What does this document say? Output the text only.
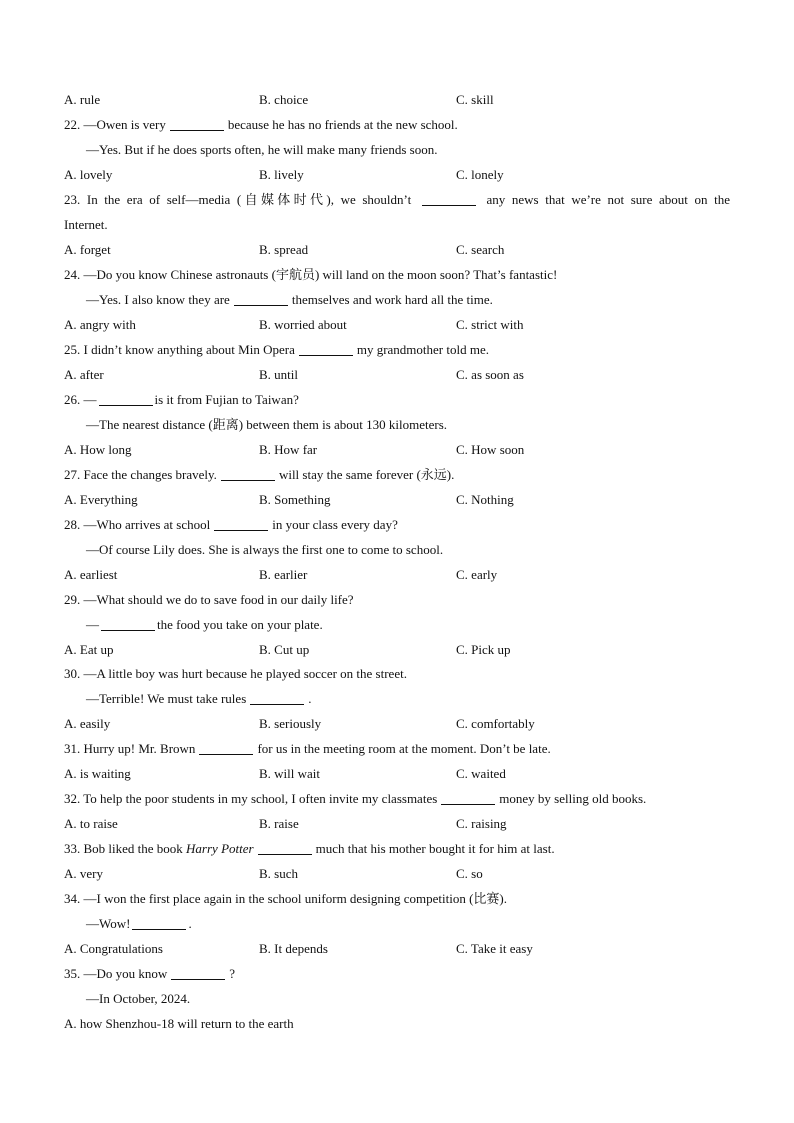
A. rule	B. choice	C. skill
22. —Owen is very	because he has no friends at the new school.
—Yes. But if he does sports often, he will make many friends soon.
A. lovely	B. lively	C. lonely
23. In the era of self—media (自媒体时代), we shouldn’t	any news that we’re not sure about on the
Internet.
A. forget	B. spread	C. search
24. —Do you know Chinese astronauts (宇航员) will land on the moon soon? That’s fantastic!
—Yes. I also know they are	themselves and work hard all the time.
A. angry with	B. worried about	C. strict with
25. I didn’t know anything about Min Opera	my grandmother told me.
A. after	B. until	C. as soon as
26. —	is it from Fujian to Taiwan?
—The nearest distance (距离) between them is about 130 kilometers.
A. How long	B. How far	C. How soon
27. Face the changes bravely.	will stay the same forever (永远).
A. Everything	B. Something	C. Nothing
28. —Who arrives at school	in your class every day?
—Of course Lily does. She is always the first one to come to school.
A. earliest	B. earlier	C. early
29. —What should we do to save food in our daily life?
—	the food you take on your plate.
A. Eat up	B. Cut up	C. Pick up
30. —A little boy was hurt because he played soccer on the street.
—Terrible! We must take rules	.
A. easily	B. seriously	C. comfortably
31. Hurry up! Mr. Brown	for us in the meeting room at the moment. Don’t be late.
A. is waiting	B. will wait	C. waited
32. To help the poor students in my school, I often invite my classmates	money by selling old books.
A. to raise	B. raise	C. raising
33. Bob liked the book Harry Potter	much that his mother bought it for him at last.
A. very	B. such	C. so
34. —I won the first place again in the school uniform designing competition (比赛).
—Wow!	.
A. Congratulations	B. It depends	C. Take it easy
35. —Do you know	?
—In October, 2024.
A. how Shenzhou-18 will return to the earth
